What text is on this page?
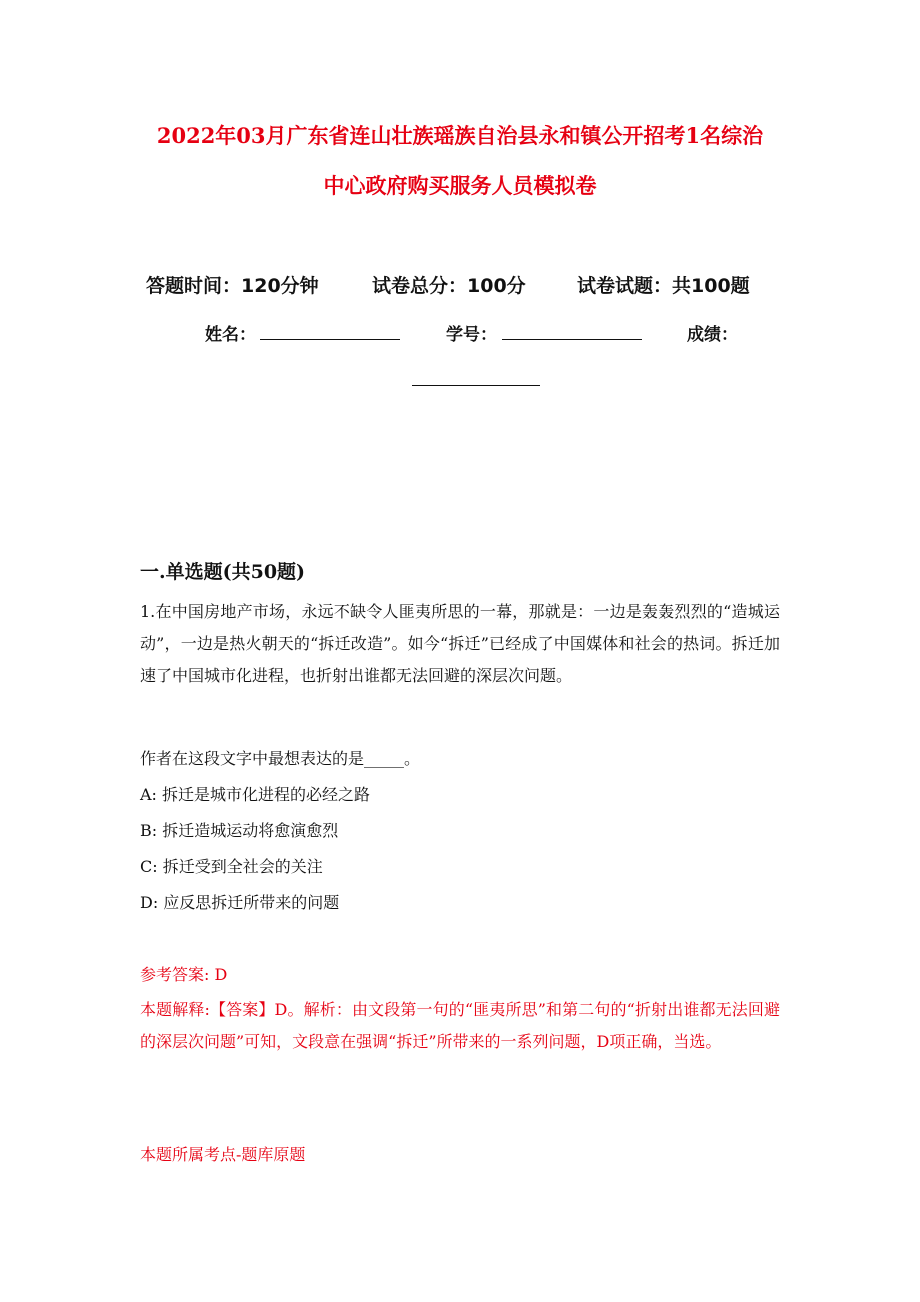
2022年03月广东省连山壮族瑶族自治县永和镇公开招考1名综治
中心政府购买服务人员模拟卷
答题时间：120分钟	试卷总分：100分	试卷试题：共100题
姓名：	学号：	成绩：
一.单选题(共50题)
1.在中国房地产市场，永远不缺令人匪夷所思的一幕，那就是：一边是轰轰烈烈的“造城运动”，一边是热火朝天的“拆迁改造”。如今“拆迁”已经成了中国媒体和社会的热词。拆迁加速了中国城市化进程，也折射出谁都无法回避的深层次问题。
作者在这段文字中最想表达的是_____。
A: 拆迁是城市化进程的必经之路
B: 拆迁造城运动将愈演愈烈
C: 拆迁受到全社会的关注
D: 应反思拆迁所带来的问题
参考答案: D
本题解释:【答案】D。解析：由文段第一句的“匪夷所思”和第二句的“折射出谁都无法回避的深层次问题”可知，文段意在强调“拆迁”所带来的一系列问题，D项正确，当选。
本题所属考点-题库原题
